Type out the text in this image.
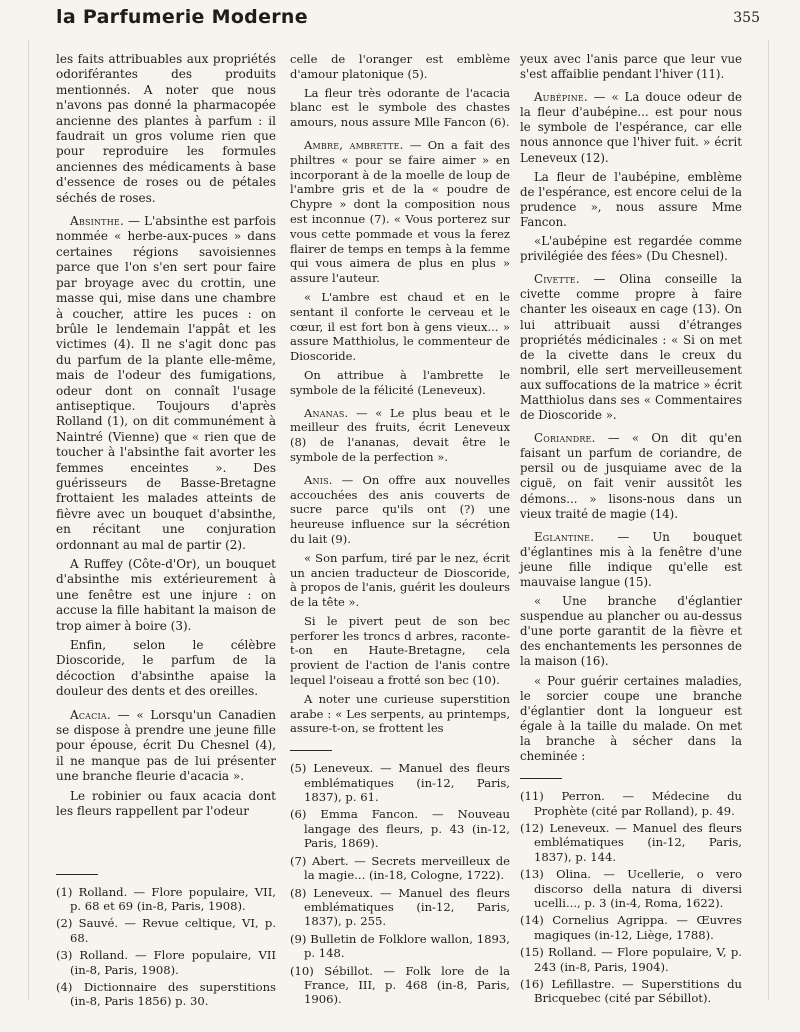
la Parfumerie Moderne	355

les faits attribuables aux propriétés odoriférantes des produits mentionnés. A noter que nous n'avons pas donné la pharmacopée ancienne des plantes à parfum : il faudrait un gros volume rien que pour reproduire les formules anciennes des médicaments à base d'essence de roses ou de pétales séchés de roses.

Absinthe. — L'absinthe est parfois nommée « herbe-aux-puces » dans certaines régions savoisiennes parce que l'on s'en sert pour faire par broyage avec du crottin, une masse qui, mise dans une chambre à coucher, attire les puces : on brûle le lendemain l'appât et les victimes (4). Il ne s'agit donc pas du parfum de la plante elle-même, mais de l'odeur des fumigations, odeur dont on connaît l'usage antiseptique. Toujours d'après Rolland (1), on dit communément à Naintré (Vienne) que « rien que de toucher à l'absinthe fait avorter les femmes enceintes ». Des guérisseurs de Basse-Bretagne frottaient les malades atteints de fièvre avec un bouquet d'absinthe, en récitant une conjuration ordonnant au mal de partir (2).

A Ruffey (Côte-d'Or), un bouquet d'absinthe mis extérieurement à une fenêtre est une injure : on accuse la fille habitant la maison de trop aimer à boire (3).

Enfin, selon le célèbre Dioscoride, le parfum de la décoction d'absinthe apaise la douleur des dents et des oreilles.

Acacia. — « Lorsqu'un Canadien se dispose à prendre une jeune fille pour épouse, écrit Du Chesnel (4), il ne manque pas de lui présenter une branche fleurie d'acacia ».

Le robinier ou faux acacia dont les fleurs rappellent par l'odeur

(1) Rolland. — Flore populaire, VII, p. 68 et 69 (in-8, Paris, 1908).

(2) Sauvé. — Revue celtique, VI, p. 68.

(3) Rolland. — Flore populaire, VII (in-8, Paris, 1908).

(4) Dictionnaire des superstitions (in-8, Paris 1856) p. 30.

celle de l'oranger est emblème d'amour platonique (5).

La fleur très odorante de l'acacia blanc est le symbole des chastes amours, nous assure Mlle Fancon (6).

Ambre, ambrette. — On a fait des philtres « pour se faire aimer » en incorporant à de la moelle de loup de l'ambre gris et de la « poudre de Chypre » dont la composition nous est inconnue (7). « Vous porterez sur vous cette pommade et vous la ferez flairer de temps en temps à la femme qui vous aimera de plus en plus » assure l'auteur.

« L'ambre est chaud et en le sentant il conforte le cerveau et le cœur, il est fort bon à gens vieux... » assure Matthiolus, le commenteur de Dioscoride.

On attribue à l'ambrette le symbole de la félicité (Leneveux).

Ananas. — « Le plus beau et le meilleur des fruits, écrit Leneveux (8) de l'ananas, devait être le symbole de la perfection ».

Anis. — On offre aux nouvelles accouchées des anis couverts de sucre parce qu'ils ont (?) une heureuse influence sur la sécrétion du lait (9).

« Son parfum, tiré par le nez, écrit un ancien traducteur de Dioscoride, à propos de l'anis, guérit les douleurs de la tête ».

Si le pivert peut de son bec perforer les troncs d arbres, raconte-t-on en Haute-Bretagne, cela provient de l'action de l'anis contre lequel l'oiseau a frotté son bec (10).

A noter une curieuse superstition arabe : « Les serpents, au printemps, assure-t-on, se frottent les

(5) Leneveux. — Manuel des fleurs emblématiques (in-12, Paris, 1837), p. 61.

(6) Emma Fancon. — Nouveau langage des fleurs, p. 43 (in-12, Paris, 1869).

(7) Abert. — Secrets merveilleux de la magie... (in-18, Cologne, 1722).

(8) Leneveux. — Manuel des fleurs emblématiques (in-12, Paris, 1837), p. 255.

(9) Bulletin de Folklore wallon, 1893, p. 148.

(10) Sébillot. — Folk lore de la France, III, p. 468 (in-8, Paris, 1906).

yeux avec l'anis parce que leur vue s'est affaiblie pendant l'hiver (11).

Aubépine. — « La douce odeur de la fleur d'aubépine... est pour nous le symbole de l'espérance, car elle nous annonce que l'hiver fuit. » écrit Leneveux (12).

La fleur de l'aubépine, emblème de l'espérance, est encore celui de la prudence », nous assure Mme Fancon.

«L'aubépine est regardée comme privilégiée des fées» (Du Chesnel).

Civette. — Olina conseille la civette comme propre à faire chanter les oiseaux en cage (13). On lui attribuait aussi d'étranges propriétés médicinales : « Si on met de la civette dans le creux du nombril, elle sert merveilleusement aux suffocations de la matrice » écrit Matthiolus dans ses « Commentaires de Dioscoride ».

Coriandre. — « On dit qu'en faisant un parfum de coriandre, de persil ou de jusquiame avec de la ciguë, on fait venir aussitôt les démons... » lisons-nous dans un vieux traité de magie (14).

Eglantine. — Un bouquet d'églantines mis à la fenêtre d'une jeune fille indique qu'elle est mauvaise langue (15).

« Une branche d'églantier suspendue au plancher ou au-dessus d'une porte garantit de la fièvre et des enchantements les personnes de la maison (16).

« Pour guérir certaines maladies, le sorcier coupe une branche d'églantier dont la longueur est égale à la taille du malade. On met la branche à sécher dans la cheminée :

(11) Perron. — Médecine du Prophète (cité par Rolland), p. 49.

(12) Leneveux. — Manuel des fleurs emblématiques (in-12, Paris, 1837), p. 144.

(13) Olina. — Ucellerie, o vero discorso della natura di diversi ucelli..., p. 3 (in-4, Roma, 1622).

(14) Cornelius Agrippa. — Œuvres magiques (in-12, Liège, 1788).

(15) Rolland. — Flore populaire, V, p. 243 (in-8, Paris, 1904).

(16) Lefillastre. — Superstitions du Bricquebec (cité par Sébillot).
